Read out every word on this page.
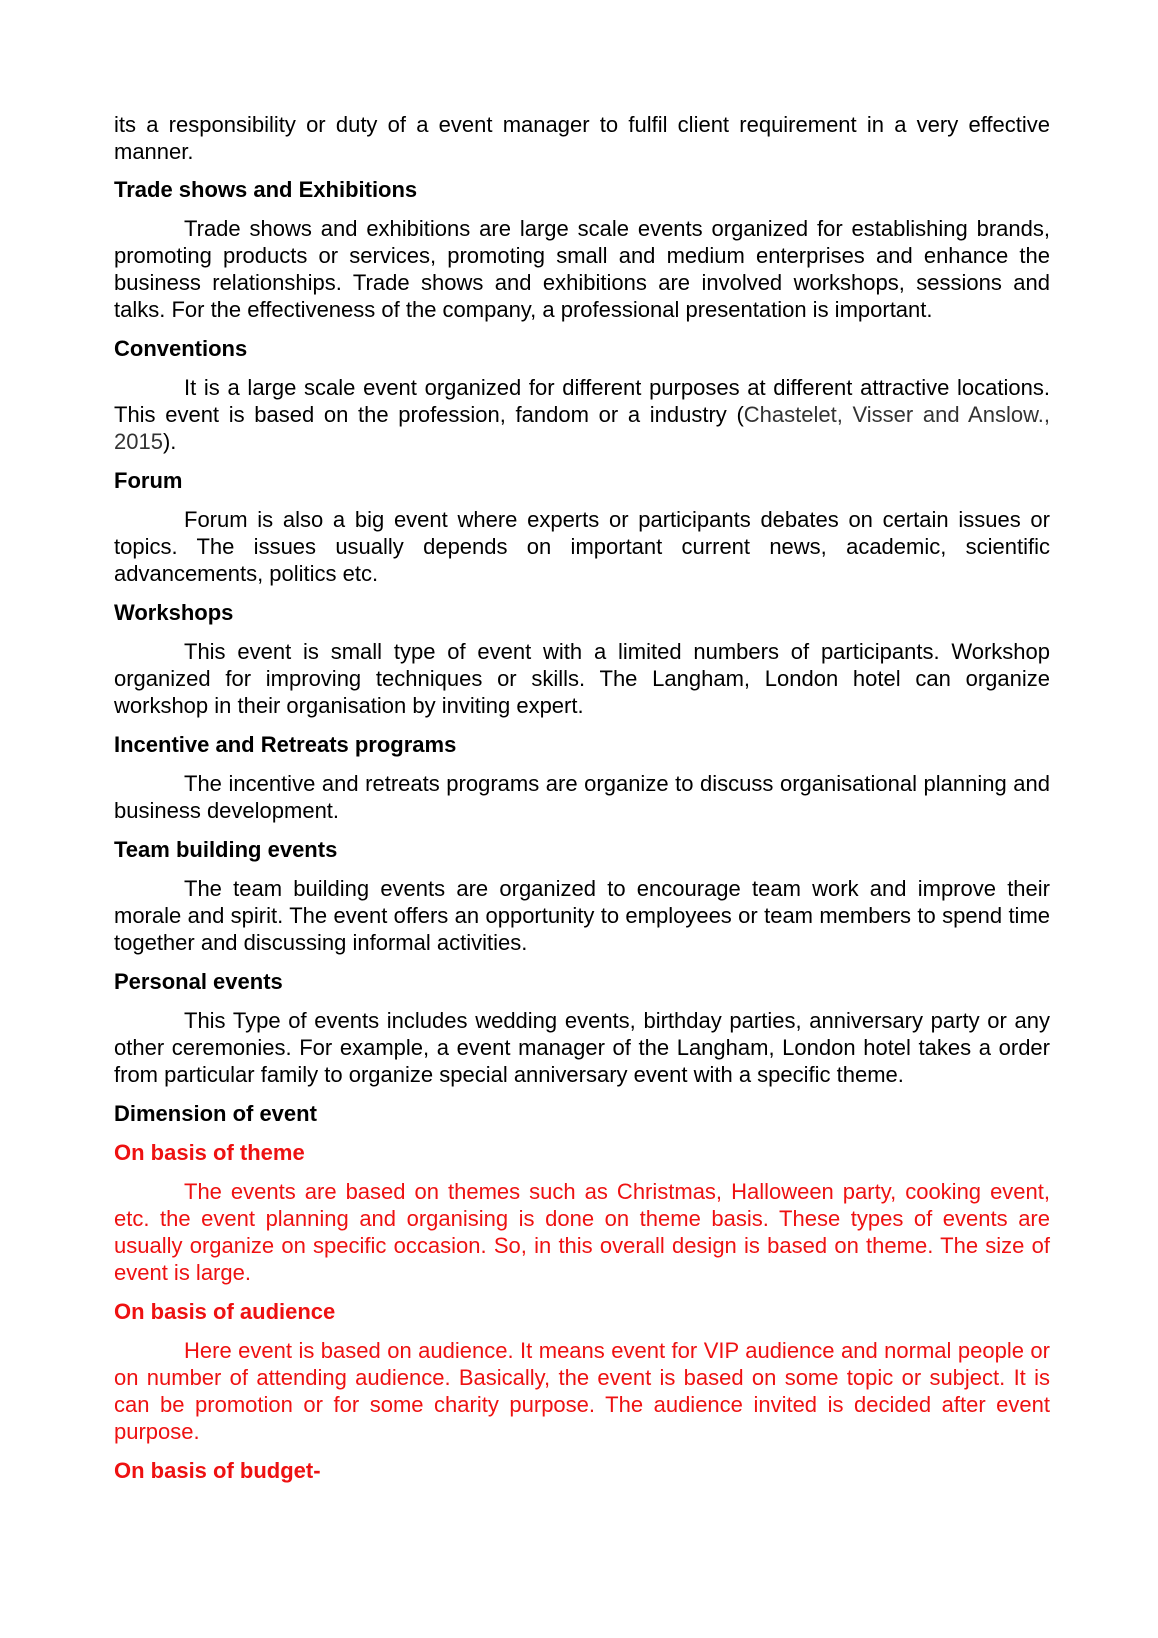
its a responsibility or duty of a event manager to fulfil client requirement in a very effective manner.

Trade shows and Exhibitions

Trade shows and exhibitions are large scale events organized for establishing brands, promoting products or services, promoting small and medium enterprises and enhance the business relationships. Trade shows and exhibitions are involved workshops, sessions and talks. For the effectiveness of the company, a professional presentation is important.

Conventions

It is a large scale event organized for different purposes at different attractive locations. This event is based on the profession, fandom or a industry (Chastelet, Visser and Anslow., 2015).

Forum

Forum is also a big event where experts or participants debates on certain issues or topics. The issues usually depends on important current news, academic, scientific advancements, politics etc.

Workshops

This event is small type of event with a limited numbers of participants. Workshop organized for improving techniques or skills. The Langham, London hotel can organize workshop in their organisation by inviting expert.

Incentive and Retreats programs

The incentive and retreats programs are organize to discuss organisational planning and business development.

Team building events

The team building events are organized to encourage team work and improve their morale and spirit. The event offers an opportunity to employees or team members to spend time together and discussing informal activities.

Personal events

This Type of events includes wedding events, birthday parties, anniversary party or any other ceremonies. For example, a event manager of the Langham, London hotel takes a order from particular family to organize special anniversary event with a specific theme.

Dimension of event

On basis of theme

The events are based on themes such as Christmas, Halloween party, cooking event, etc. the event planning and organising is done on theme basis. These types of events are usually organize on specific occasion. So, in this overall design is based on theme. The size of event is large.

On basis of audience

Here event is based on audience. It means event for VIP audience and normal people or on number of attending audience. Basically, the event is based on some topic or subject. It is can be promotion or for some charity purpose. The audience invited is decided after event purpose.

On basis of budget-
